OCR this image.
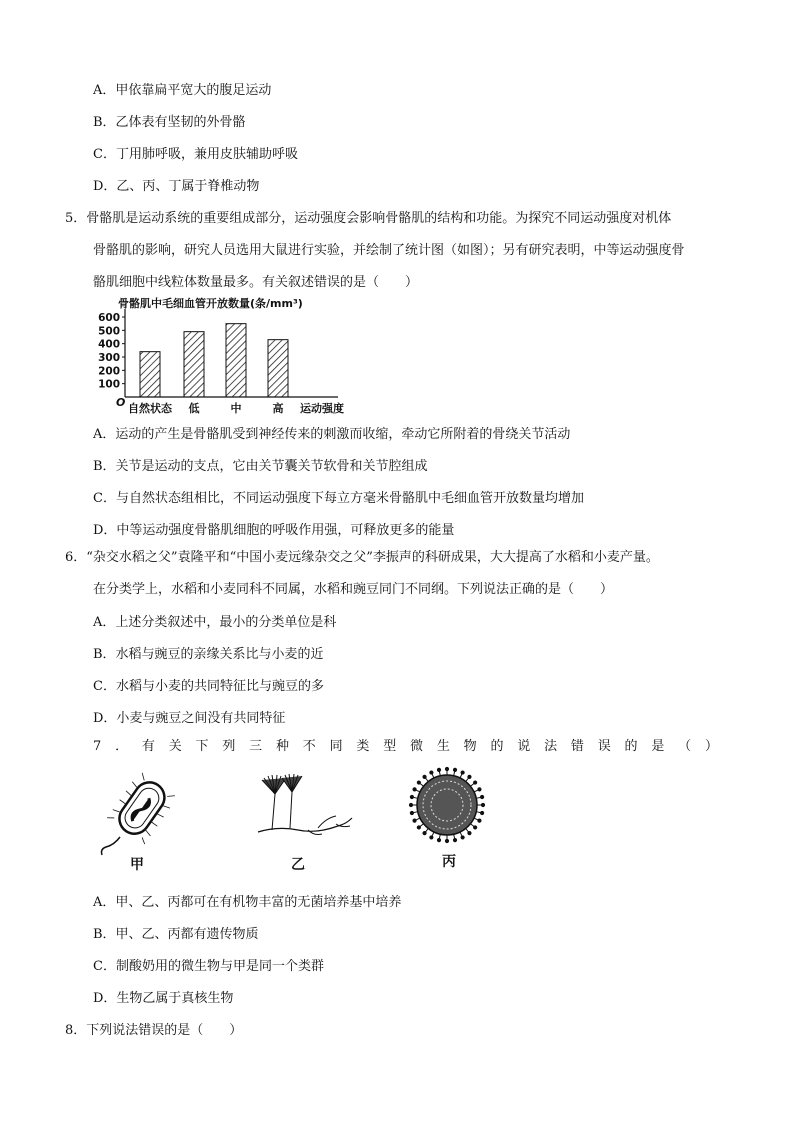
A．甲依靠扁平宽大的腹足运动
B．乙体表有坚韧的外骨骼
C．丁用肺呼吸，兼用皮肤辅助呼吸
D．乙、丙、丁属于脊椎动物
5．骨骼肌是运动系统的重要组成部分，运动强度会影响骨骼肌的结构和功能。为探究不同运动强度对机体
骨骼肌的影响，研究人员选用大鼠进行实验，并绘制了统计图（如图）；另有研究表明，中等运动强度骨
骼肌细胞中线粒体数量最多。有关叙述错误的是（　　）
骨骼肌中毛细血管开放数量(条/mm³)
100
200
300
400
500
600
自然状态 低	中	高
O	运动强度
A．运动的产生是骨骼肌受到神经传来的刺激而收缩，牵动它所附着的骨绕关节活动
B．关节是运动的支点，它由关节囊关节软骨和关节腔组成
C．与自然状态组相比，不同运动强度下每立方毫米骨骼肌中毛细血管开放数量均增加
D．中等运动强度骨骼肌细胞的呼吸作用强，可释放更多的能量
6．“杂交水稻之父”袁隆平和“中国小麦远缘杂交之父”李振声的科研成果，大大提高了水稻和小麦产量。
在分类学上，水稻和小麦同科不同属，水稻和豌豆同门不同纲。下列说法正确的是（　　）
A．上述分类叙述中，最小的分类单位是科
B．水稻与豌豆的亲缘关系比与小麦的近
C．水稻与小麦的共同特征比与豌豆的多
D．小麦与豌豆之间没有共同特征
7 ． 有 关 下 列 三 种 不 同 类 型 微 生 物 的 说 法 错 误 的 是 （ ）
甲	乙	丙
A．甲、乙、丙都可在有机物丰富的无菌培养基中培养
B．甲、乙、丙都有遗传物质
C．制酸奶用的微生物与甲是同一个类群
D．生物乙属于真核生物
8．下列说法错误的是（　　）
